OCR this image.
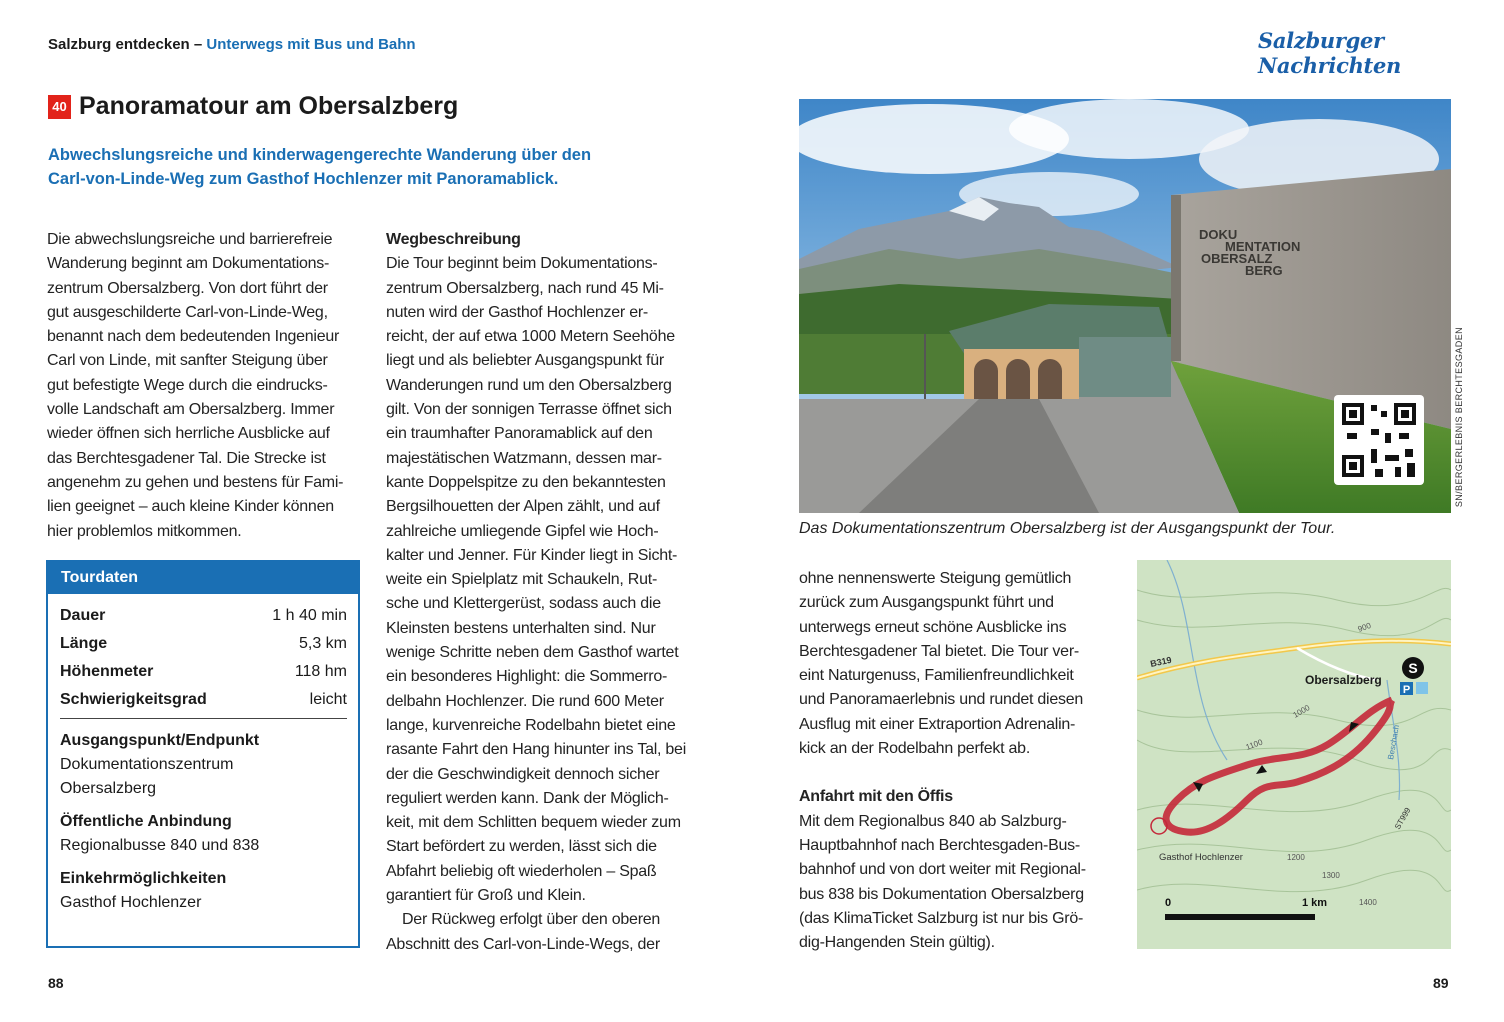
Salzburg entdecken – Unterwegs mit Bus und Bahn	Salzburger Nachrichten
40 Panoramatour am Obersalzberg
Abwechslungsreiche und kinderwagengerechte Wanderung über den
Carl-von-Linde-Weg zum Gasthof Hochlenzer mit Panoramablick.
Die abwechslungsreiche und barrierefreie
Wanderung beginnt am Dokumentations-
zentrum Obersalzberg. Von dort führt der
gut ausgeschilderte Carl-von-Linde-Weg,
benannt nach dem bedeutenden Ingenieur
Carl von Linde, mit sanfter Steigung über
gut befestigte Wege durch die eindrucks-
volle Landschaft am Obersalzberg. Immer
wieder öffnen sich herrliche Ausblicke auf
das Berchtesgadener Tal. Die Strecke ist
angenehm zu gehen und bestens für Fami-
lien geeignet – auch kleine Kinder können
hier problemlos mitkommen.
Tourdaten
Dauer	1 h 40 min
Länge	5,3 km
Höhenmeter	118 hm
Schwierigkeitsgrad	leicht
Ausgangspunkt/Endpunkt
Dokumentationszentrum
Obersalzberg
Öffentliche Anbindung
Regionalbusse 840 und 838
Einkehrmöglichkeiten
Gasthof Hochlenzer
Wegbeschreibung
Die Tour beginnt beim Dokumentations-
zentrum Obersalzberg, nach rund 45 Mi-
nuten wird der Gasthof Hochlenzer er-
reicht, der auf etwa 1000 Metern Seehöhe
liegt und als beliebter Ausgangspunkt für
Wanderungen rund um den Obersalzberg
gilt. Von der sonnigen Terrasse öffnet sich
ein traumhafter Panoramablick auf den
majestätischen Watzmann, dessen mar-
kante Doppelspitze zu den bekanntesten
Bergsilhouetten der Alpen zählt, und auf
zahlreiche umliegende Gipfel wie Hoch-
kalter und Jenner. Für Kinder liegt in Sicht-
weite ein Spielplatz mit Schaukeln, Rut-
sche und Klettergerüst, sodass auch die
Kleinsten bestens unterhalten sind. Nur
wenige Schritte neben dem Gasthof wartet
ein besonderes Highlight: die Sommerro-
delbahn Hochlenzer. Die rund 600 Meter
lange, kurvenreiche Rodelbahn bietet eine
rasante Fahrt den Hang hinunter ins Tal, bei
der die Geschwindigkeit dennoch sicher
reguliert werden kann. Dank der Möglich-
keit, mit dem Schlitten bequem wieder zum
Start befördert zu werden, lässt sich die
Abfahrt beliebig oft wiederholen – Spaß
garantiert für Groß und Klein.
Der Rückweg erfolgt über den oberen
Abschnitt des Carl-von-Linde-Wegs, der
DOKU
MENTATION
OBERSALZ
BERG
SN/BERGERLEBNIS BERCHTESGADEN
Das Dokumentationszentrum Obersalzberg ist der Ausgangspunkt der Tour.
ohne nennenswerte Steigung gemütlich
zurück zum Ausgangspunkt führt und
unterwegs erneut schöne Ausblicke ins
Berchtesgadener Tal bietet. Die Tour ver-
eint Naturgenuss, Familienfreundlichkeit
und Panoramaerlebnis und rundet diesen
Ausflug mit einer Extraportion Adrenalin-
kick an der Rodelbahn perfekt ab.
Anfahrt mit den Öffis
Mit dem Regionalbus 840 ab Salzburg-
Hauptbahnhof nach Berchtesgaden-Bus-
bahnhof und von dort weiter mit Regional-
bus 838 bis Dokumentation Obersalzberg
(das KlimaTicket Salzburg ist nur bis Grö-
dig-Hangenden Stein gültig).
S
P
Obersalzberg
B319
Gasthof Hochlenzer
900
1000
1100
1200
1300
1400
Beschach
ST999
0	1 km
88	89
